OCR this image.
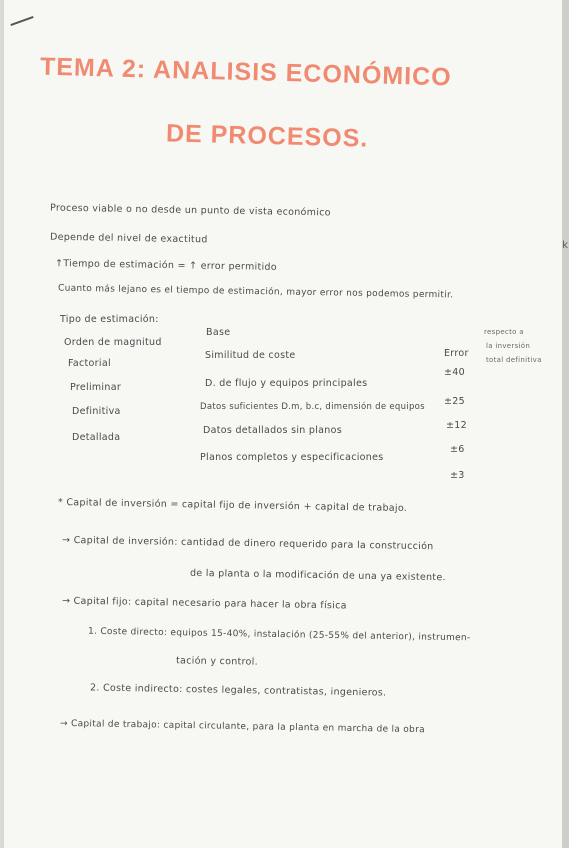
k
TEMA 2: ANALISIS ECONÓMICO
DE PROCESOS.
Proceso viable o no desde un punto de vista económico
Depende del nivel de exactitud
↑Tiempo de estimación = ↑ error permitido
Cuanto más lejano es el tiempo de estimación, mayor error nos podemos permitir.
Tipo de estimación:
Base
Error
respecto a
la inversión
total definitiva
Orden de magnitud
Similitud de coste
±40
Factorial
D. de flujo y equipos principales
±25
Preliminar
Datos suficientes D.m, b.c, dimensión de equipos
±12
Definitiva
Datos detallados sin planos
±6
Detallada
Planos completos y especificaciones
±3
* Capital de inversión = capital fijo de inversión + capital de trabajo.
→ Capital de inversión: cantidad de dinero requerido para la construcción
de la planta o la modificación de una ya existente.
→ Capital fijo: capital necesario para hacer la obra física
1. Coste directo: equipos 15-40%, instalación (25-55% del anterior), instrumen-
tación y control.
2. Coste indirecto: costes legales, contratistas, ingenieros.
→ Capital de trabajo: capital circulante, para la planta en marcha de la obra
